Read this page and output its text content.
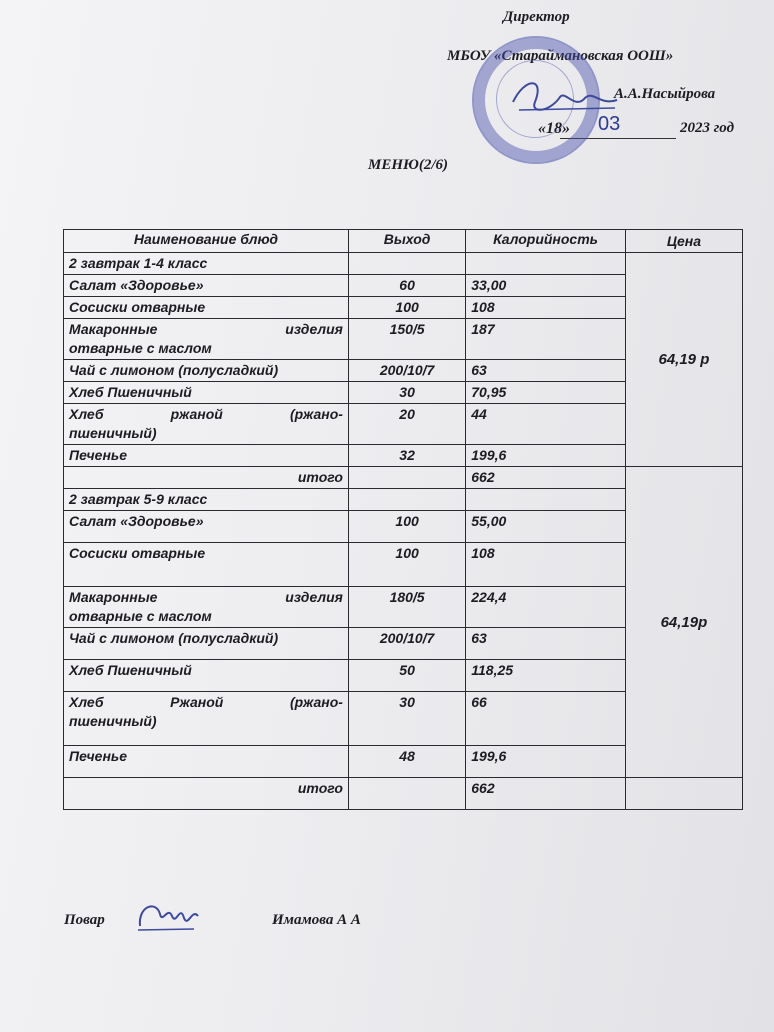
Директор
МБОУ «Старайманoвская ООШ»
А.А.Насыйрова
«18» 03	2023 год
МЕНЮ(2/6)
Наименование блюд	Выход	Калорийность	Цена
2 завтрак 1-4 класс			64,19 р
Салат «Здоровье»	60	33,00	
Сосиски отварные	100	108	

Макаронные изделия
отварные с маслом	150/5	187	
Чай с лимоном (полусладкий)	200/10/7	63	
Хлеб Пшеничный	30	70,95	

Хлеб ржаной (ржано-
пшеничный)	20	44	
Печенье	32	199,6	
итого		662	64,19р
2 завтрак 5-9 класс			
Салат «Здоровье»	100	55,00	
Сосиски отварные	100	108	

Макаронные изделия
отварные с маслом	180/5	224,4	
Чай с лимоном (полусладкий)	200/10/7	63	
Хлеб Пшеничный	50	118,25	

Хлеб Ржаной (ржано-
пшеничный)	30	66	
Печенье	48	199,6	
итого		662	
Повар	Имамова А А
